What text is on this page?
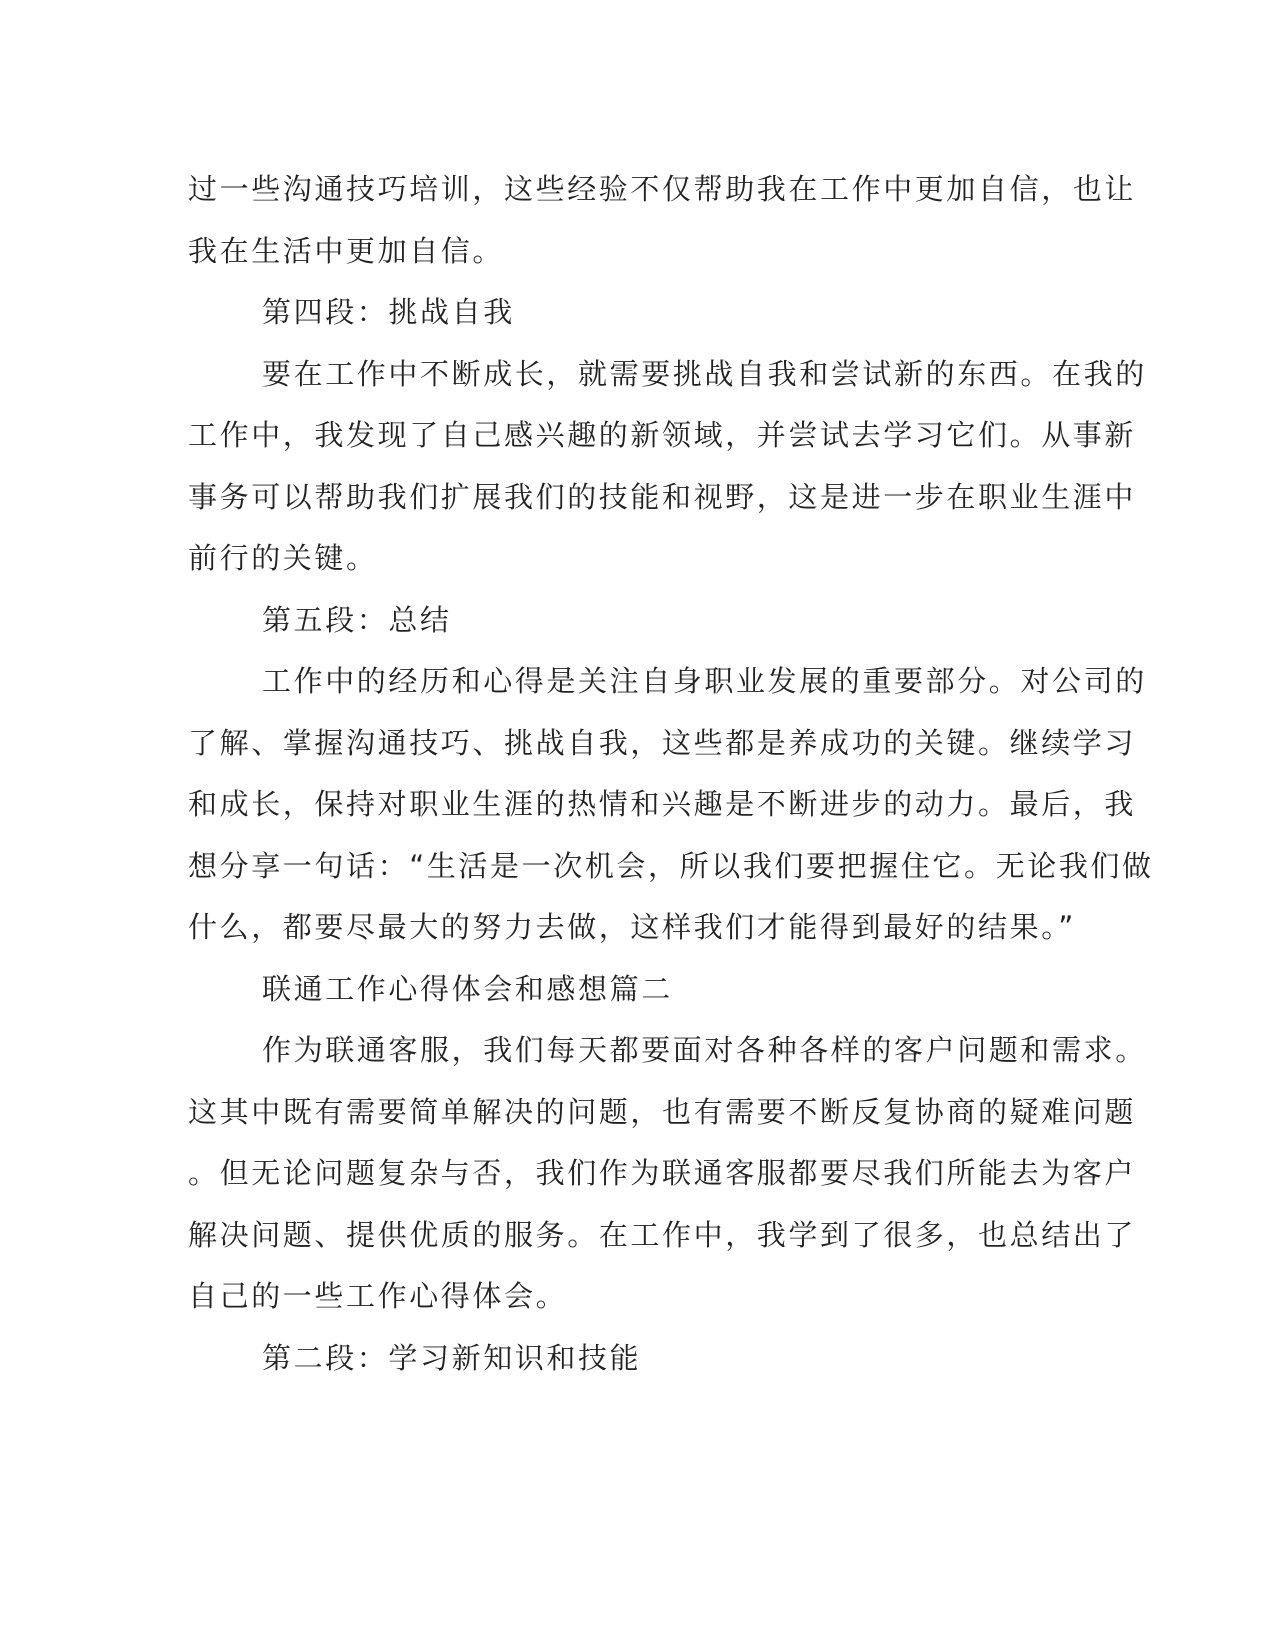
过一些沟通技巧培训，这些经验不仅帮助我在工作中更加自信，也让
我在生活中更加自信。
第四段：挑战自我
要在工作中不断成长，就需要挑战自我和尝试新的东西。在我的
工作中，我发现了自己感兴趣的新领域，并尝试去学习它们。从事新
事务可以帮助我们扩展我们的技能和视野，这是进一步在职业生涯中
前行的关键。
第五段：总结
工作中的经历和心得是关注自身职业发展的重要部分。对公司的
了解、掌握沟通技巧、挑战自我，这些都是养成功的关键。继续学习
和成长，保持对职业生涯的热情和兴趣是不断进步的动力。最后，我
想分享一句话：“生活是一次机会，所以我们要把握住它。无论我们做
什么，都要尽最大的努力去做，这样我们才能得到最好的结果。”
联通工作心得体会和感想篇二
作为联通客服，我们每天都要面对各种各样的客户问题和需求。
这其中既有需要简单解决的问题，也有需要不断反复协商的疑难问题
。但无论问题复杂与否，我们作为联通客服都要尽我们所能去为客户
解决问题、提供优质的服务。在工作中，我学到了很多，也总结出了
自己的一些工作心得体会。
第二段：学习新知识和技能
